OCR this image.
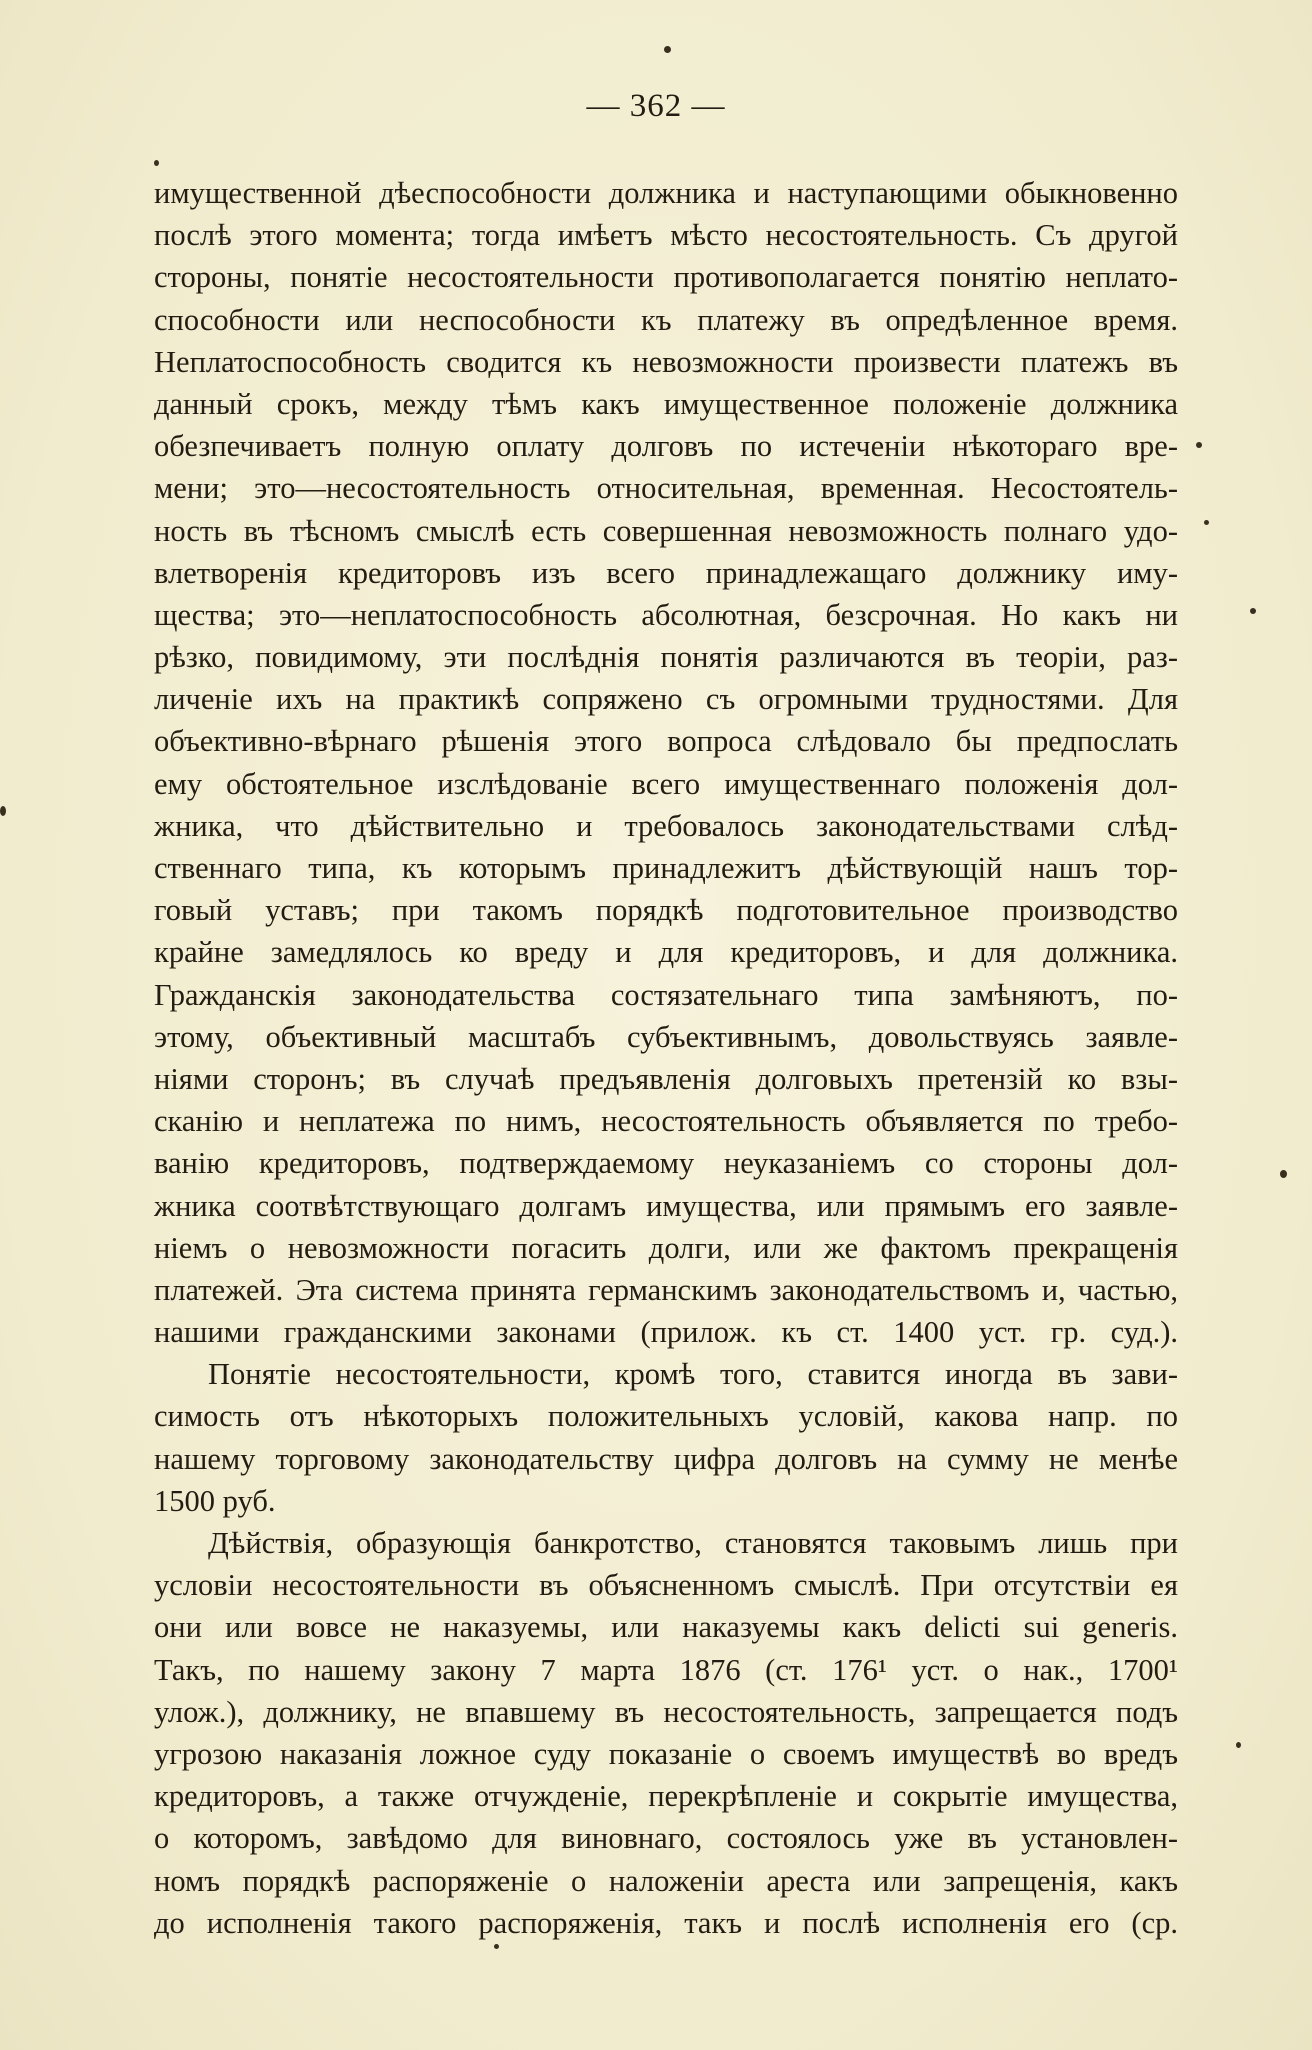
— 362 —
имущественной дѣеспособности должника и наступающими обыкновенно
послѣ этого момента; тогда имѣетъ мѣсто несостоятельность. Съ другой
стороны, понятіе несостоятельности противополагается понятію неплато-
способности или неспособности къ платежу въ опредѣленное время.
Неплатоспособность сводится къ невозможности произвести платежъ въ
данный срокъ, между тѣмъ какъ имущественное положеніе должника
обезпечиваетъ полную оплату долговъ по истеченіи нѣкотораго вре-
мени; это—несостоятельность относительная, временная. Несостоятель-
ность въ тѣсномъ смыслѣ есть совершенная невозможность полнаго удо-
влетворенія кредиторовъ изъ всего принадлежащаго должнику иму-
щества; это—неплатоспособность абсолютная, безсрочная. Но какъ ни
рѣзко, повидимому, эти послѣднія понятія различаются въ теоріи, раз-
личеніе ихъ на практикѣ сопряжено съ огромными трудностями. Для
объективно-вѣрнаго рѣшенія этого вопроса слѣдовало бы предпослать
ему обстоятельное изслѣдованіе всего имущественнаго положенія дол-
жника, что дѣйствительно и требовалось законодательствами слѣд-
ственнаго типа, къ которымъ принадлежитъ дѣйствующій нашъ тор-
говый уставъ; при такомъ порядкѣ подготовительное производство
крайне замедлялось ко вреду и для кредиторовъ, и для должника.
Гражданскія законодательства состязательнаго типа замѣняютъ, по-
этому, объективный масштабъ субъективнымъ, довольствуясь заявле-
ніями сторонъ; въ случаѣ предъявленія долговыхъ претензій ко взы-
сканію и неплатежа по нимъ, несостоятельность объявляется по требо-
ванію кредиторовъ, подтверждаемому неуказаніемъ со стороны дол-
жника соотвѣтствующаго долгамъ имущества, или прямымъ его заявле-
ніемъ о невозможности погасить долги, или же фактомъ прекращенія
платежей. Эта система принята германскимъ законодательствомъ и, частью,
нашими гражданскими законами (прилож. къ ст. 1400 уст. гр. суд.).
Понятіе несостоятельности, кромѣ того, ставится иногда въ зави-
симость отъ нѣкоторыхъ положительныхъ условій, какова напр. по
нашему торговому законодательству цифра долговъ на сумму не менѣе
1500 руб.
Дѣйствія, образующія банкротство, становятся таковымъ лишь при
условіи несостоятельности въ объясненномъ смыслѣ. При отсутствіи ея
они или вовсе не наказуемы, или наказуемы какъ delicti sui generis.
Такъ, по нашему закону 7 марта 1876 (ст. 176¹ уст. о нак., 1700¹
улож.), должнику, не впавшему въ несостоятельность, запрещается подъ
угрозою наказанія ложное суду показаніе о своемъ имуществѣ во вредъ
кредиторовъ, а также отчужденіе, перекрѣпленіе и сокрытіе имущества,
о которомъ, завѣдомо для виновнаго, состоялось уже въ установлен-
номъ порядкѣ распоряженіе о наложеніи ареста или запрещенія, какъ
до исполненія такого распоряженія, такъ и послѣ исполненія его (ср.
